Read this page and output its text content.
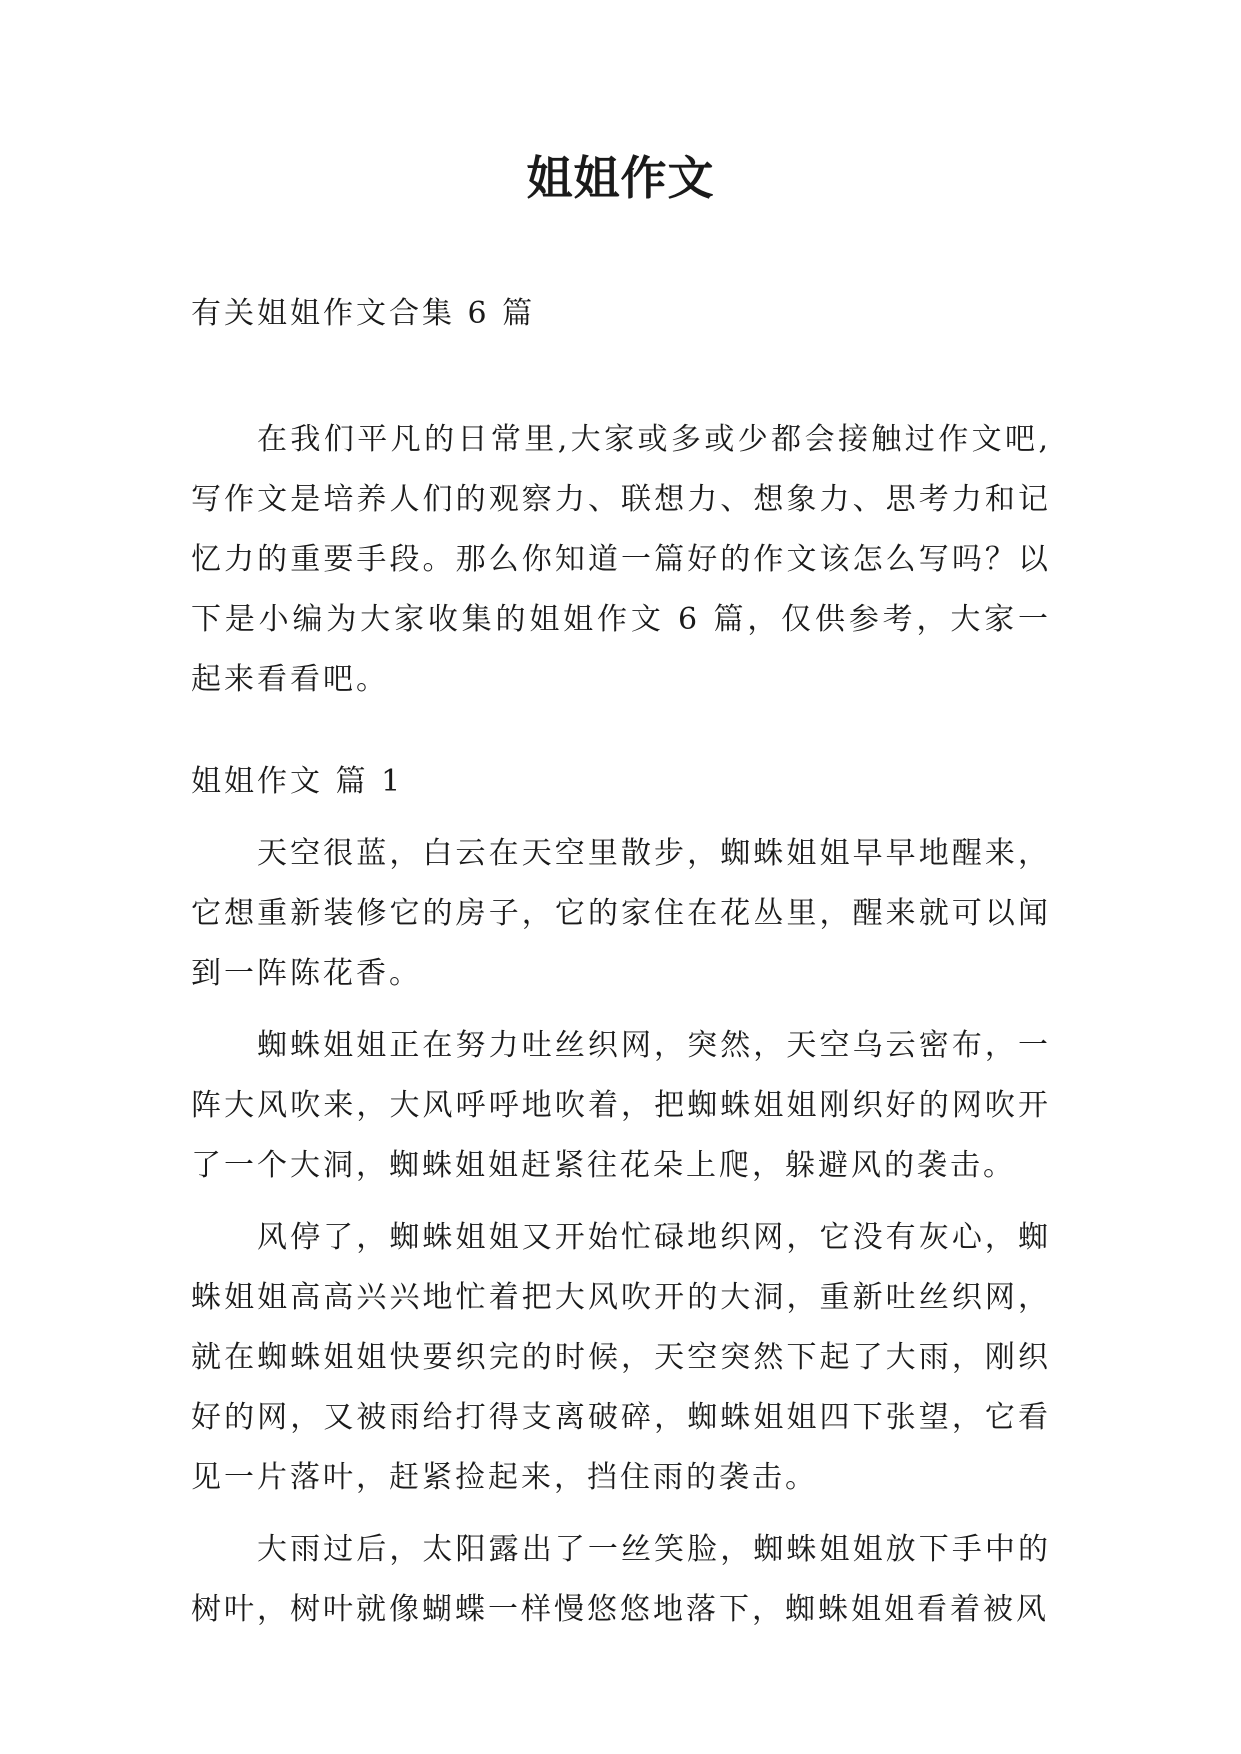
姐姐作文

有关姐姐作文合集 6 篇

在我们平凡的日常里,大家或多或少都会接触过作文吧,写作文是培养人们的观察力、联想力、想象力、思考力和记忆力的重要手段。那么你知道一篇好的作文该怎么写吗？以下是小编为大家收集的姐姐作文 6 篇，仅供参考，大家一起来看看吧。

姐姐作文 篇 1

天空很蓝，白云在天空里散步，蜘蛛姐姐早早地醒来，它想重新装修它的房子，它的家住在花丛里，醒来就可以闻到一阵陈花香。

蜘蛛姐姐正在努力吐丝织网，突然，天空乌云密布，一阵大风吹来，大风呼呼地吹着，把蜘蛛姐姐刚织好的网吹开了一个大洞，蜘蛛姐姐赶紧往花朵上爬，躲避风的袭击。

风停了，蜘蛛姐姐又开始忙碌地织网，它没有灰心，蜘蛛姐姐高高兴兴地忙着把大风吹开的大洞，重新吐丝织网，就在蜘蛛姐姐快要织完的时候，天空突然下起了大雨，刚织好的网，又被雨给打得支离破碎，蜘蛛姐姐四下张望，它看见一片落叶，赶紧捡起来，挡住雨的袭击。

大雨过后，太阳露出了一丝笑脸，蜘蛛姐姐放下手中的树叶，树叶就像蝴蝶一样慢悠悠地落下，蜘蛛姐姐看着被风
